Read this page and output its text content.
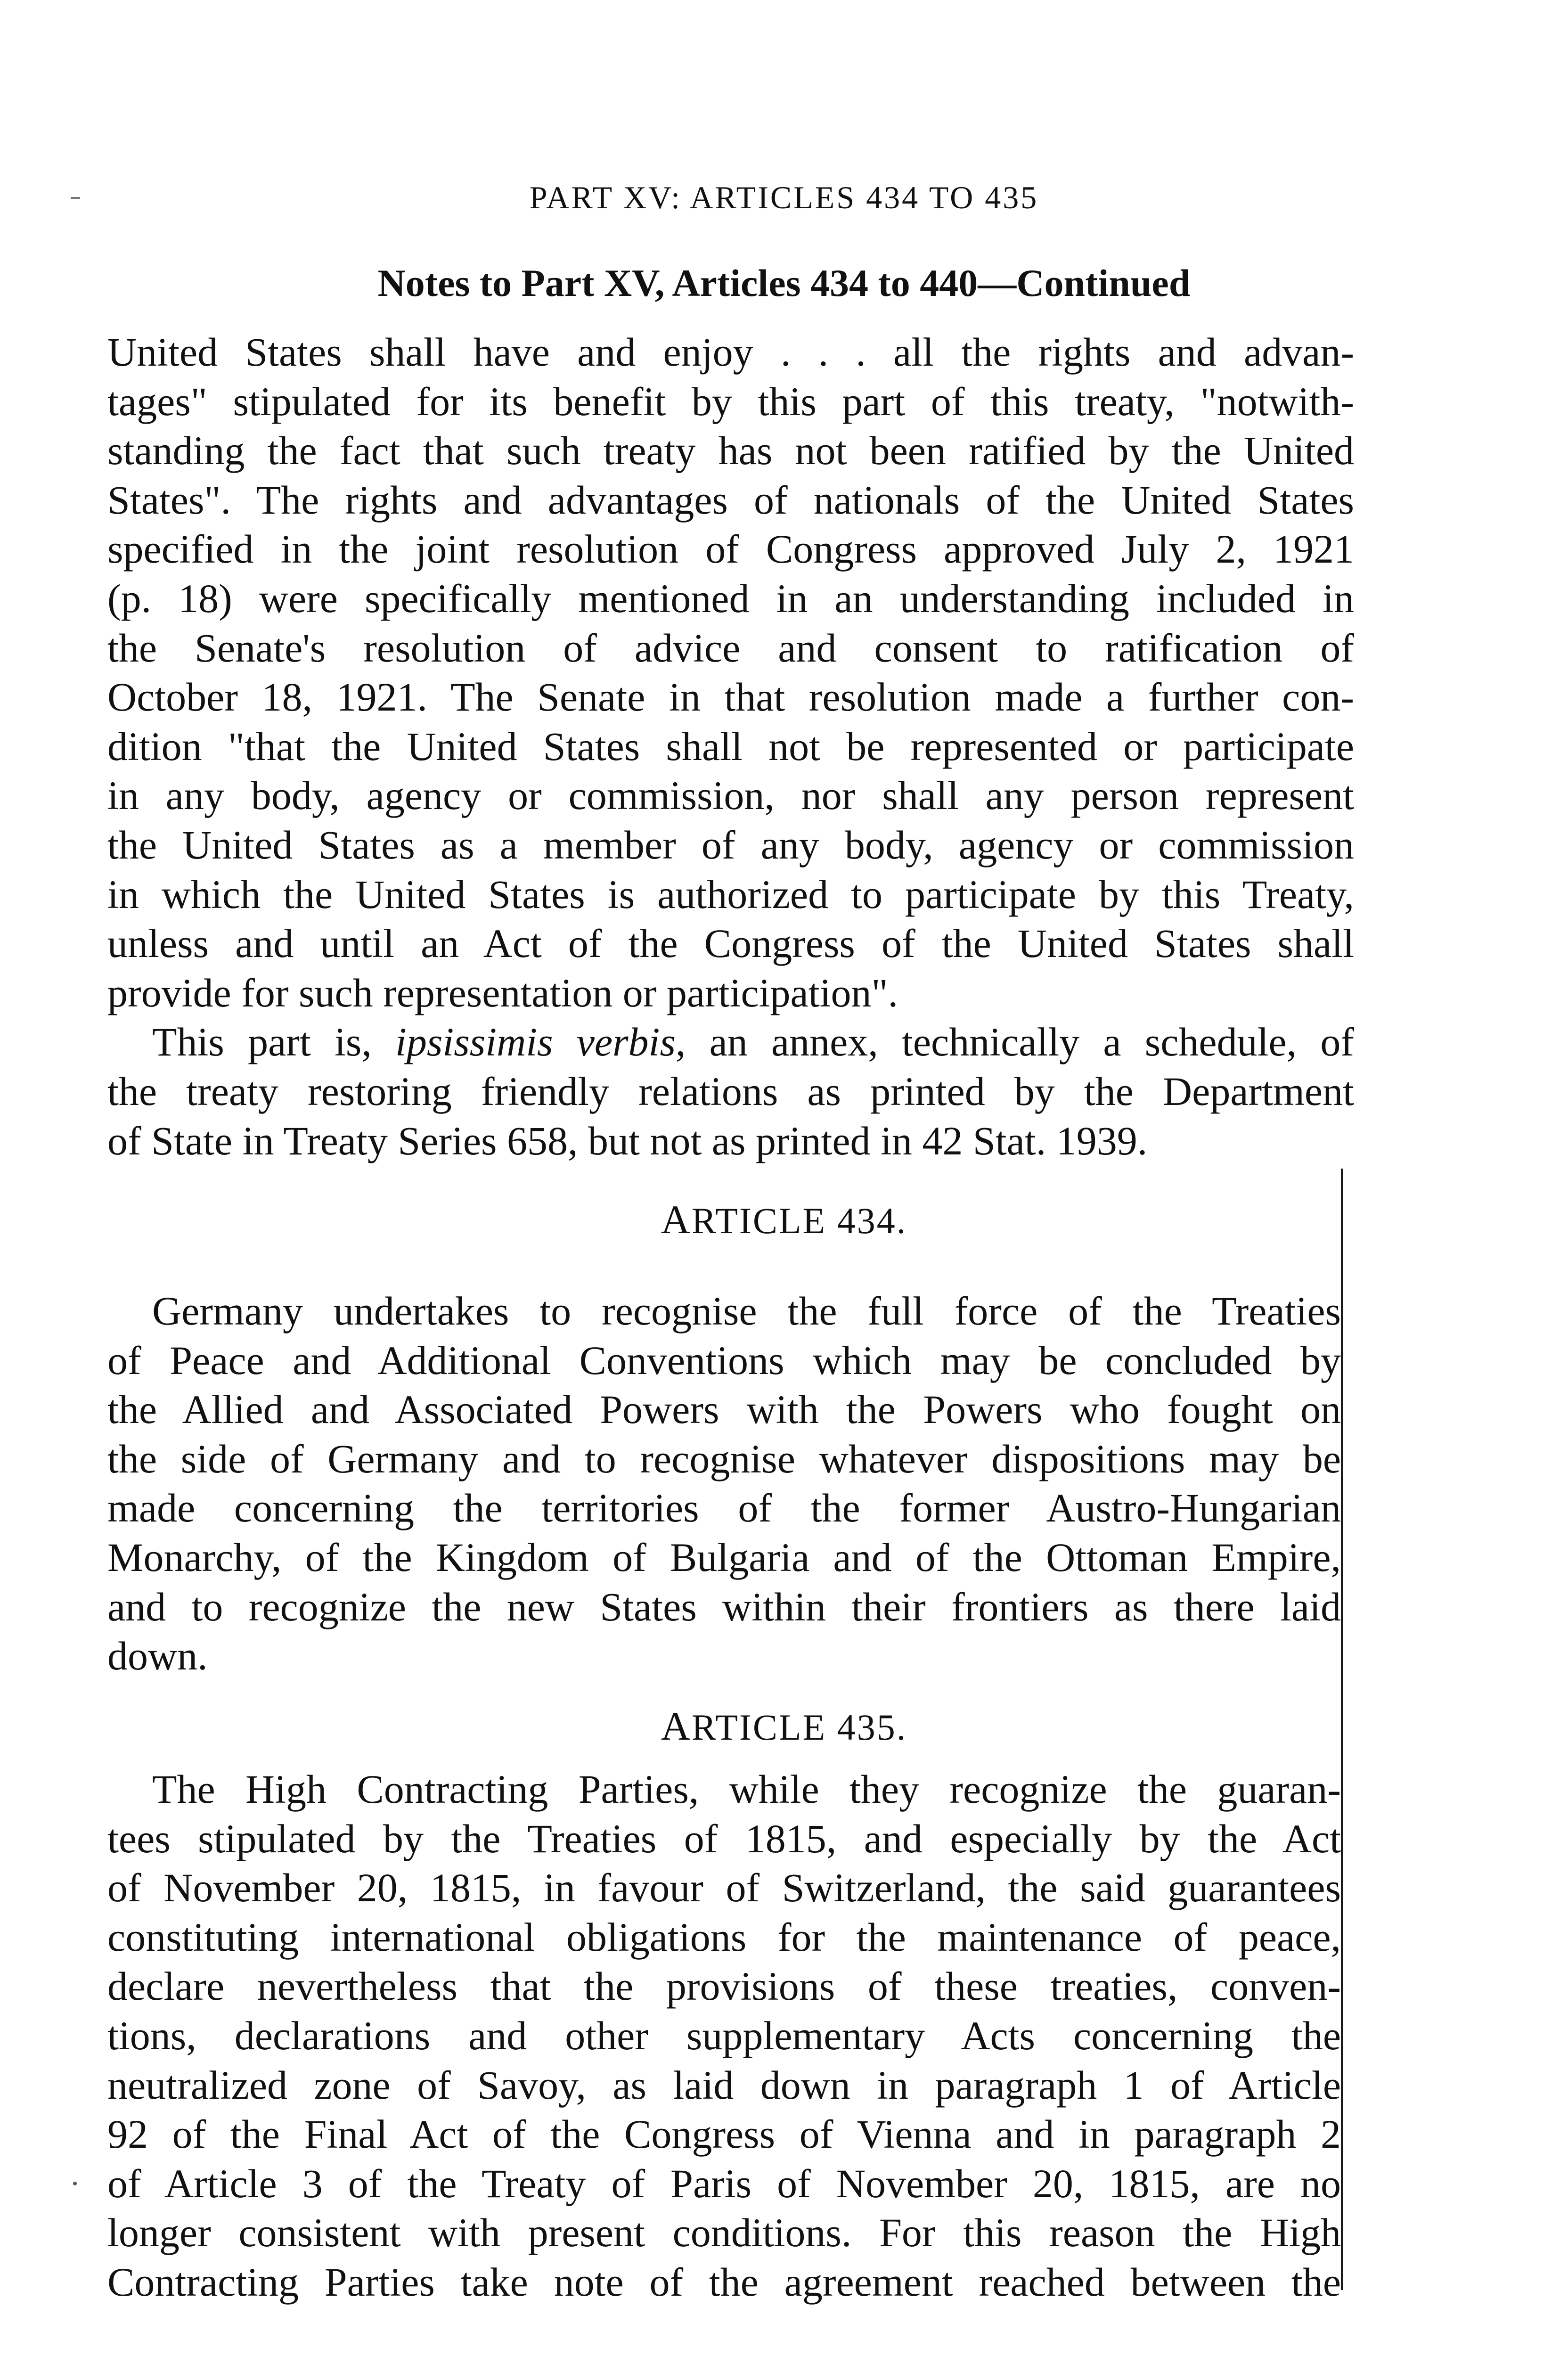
PART XV: ARTICLES 434 TO 435
Notes to Part XV, Articles 434 to 440—Continued
United States shall have and enjoy . . . all the rights and advan-
tages" stipulated for its benefit by this part of this treaty, "notwith-
standing the fact that such treaty has not been ratified by the United
States". The rights and advantages of nationals of the United States
specified in the joint resolution of Congress approved July 2, 1921
(p. 18) were specifically mentioned in an understanding included in
the Senate's resolution of advice and consent to ratification of
October 18, 1921. The Senate in that resolution made a further con-
dition "that the United States shall not be represented or participate
in any body, agency or commission, nor shall any person represent
the United States as a member of any body, agency or commission
in which the United States is authorized to participate by this Treaty,
unless and until an Act of the Congress of the United States shall
provide for such representation or participation".
This part is, ipsissimis verbis, an annex, technically a schedule, of
the treaty restoring friendly relations as printed by the Department
of State in Treaty Series 658, but not as printed in 42 Stat. 1939.
ARTICLE 434.
Germany undertakes to recognise the full force of the Treaties
of Peace and Additional Conventions which may be concluded by
the Allied and Associated Powers with the Powers who fought on
the side of Germany and to recognise whatever dispositions may be
made concerning the territories of the former Austro-Hungarian
Monarchy, of the Kingdom of Bulgaria and of the Ottoman Empire,
and to recognize the new States within their frontiers as there laid
down.
ARTICLE 435.
The High Contracting Parties, while they recognize the guaran-
tees stipulated by the Treaties of 1815, and especially by the Act
of November 20, 1815, in favour of Switzerland, the said guarantees
constituting international obligations for the maintenance of peace,
declare nevertheless that the provisions of these treaties, conven-
tions, declarations and other supplementary Acts concerning the
neutralized zone of Savoy, as laid down in paragraph 1 of Article
92 of the Final Act of the Congress of Vienna and in paragraph 2
of Article 3 of the Treaty of Paris of November 20, 1815, are no
longer consistent with present conditions. For this reason the High
Contracting Parties take note of the agreement reached between the
